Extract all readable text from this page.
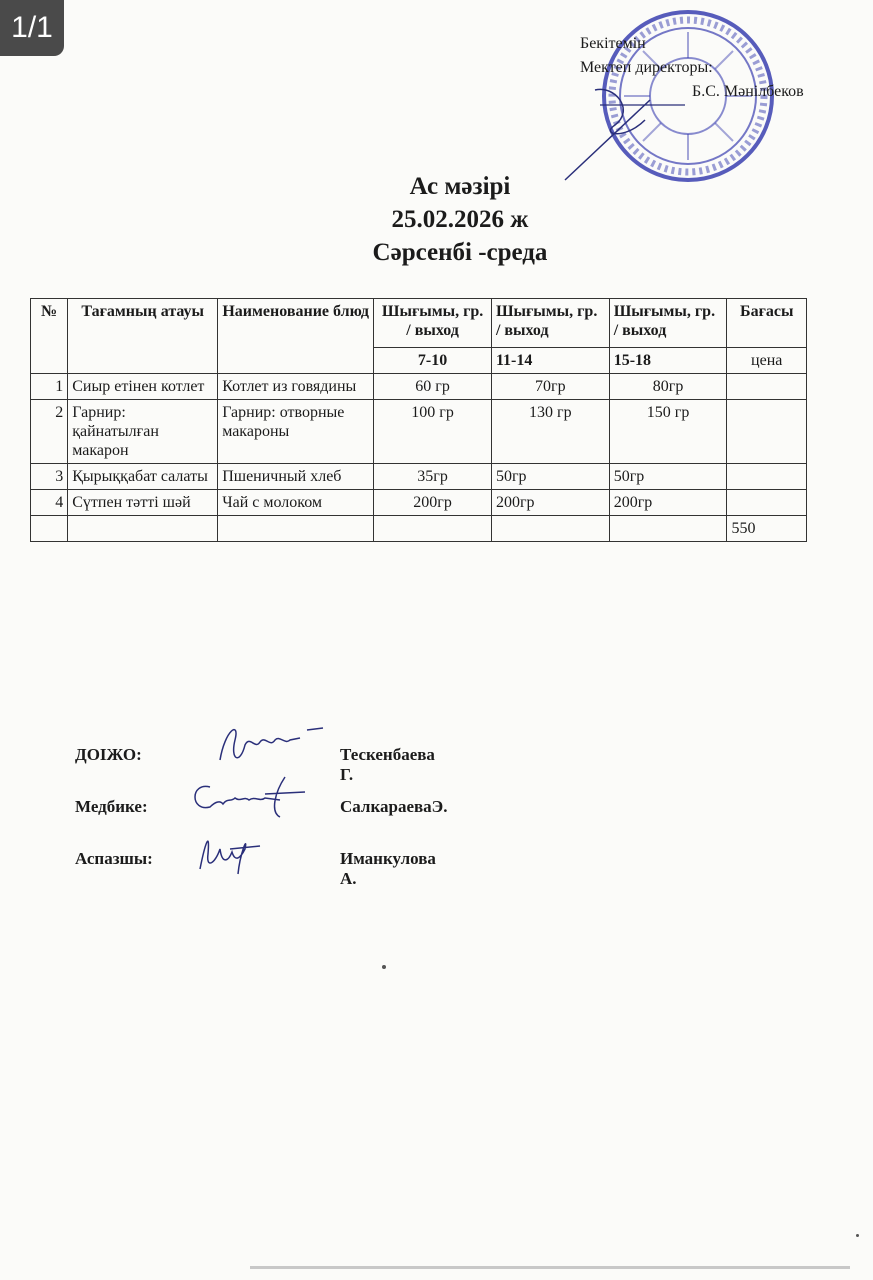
1/1	Бекітемін
Мектеп директоры:
Б.С. Мәнілбеков
Ас мәзірі
25.02.2026 ж
Сәрсенбі -среда
№	Тағамның атауы	Наименование блюд	Шығымы, гр. / выход	Шығымы, гр. / выход	Шығымы, гр. / выход	Бағасы
						цена
			7-10	11-14	15-18	
1	Сиыр етінен котлет	Котлет из говядины	60 гр	70гр	80гр	
2	Гарнир: қайнатылған макарон	Гарнир: отворные макароны	100 гр	130 гр	150 гр	
3	Қырыққабат салаты	Пшеничный хлеб	35гр	50гр	50гр	
4	Сүтпен тәтті шәй	Чай с молоком	200гр	200гр	200гр	
						550
ДОІЖО:	Тескенбаева Г.
Медбике:	СалкараеваЭ.
Аспазшы:	Иманкулова А.
